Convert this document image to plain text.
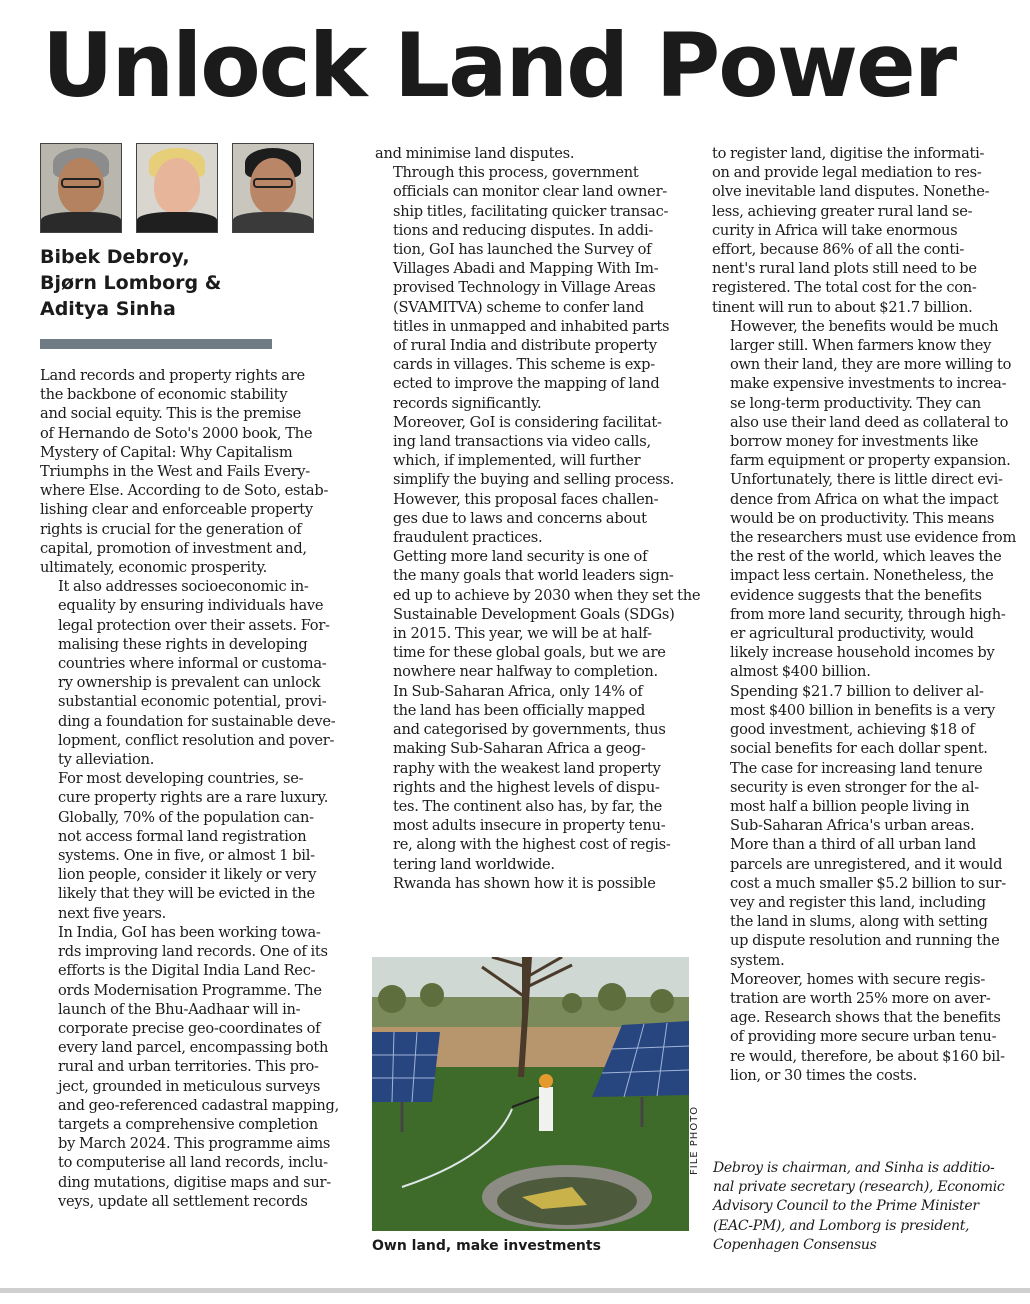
Unlock Land Power
Bibek Debroy,
Bjørn Lomborg &
Aditya Sinha

Land records and property rights are
the backbone of economic stability
and social equity. This is the premise
of Hernando de Soto's 2000 book, The
Mystery of Capital: Why Capitalism
Triumphs in the West and Fails Every-
where Else. According to de Soto, estab-
lishing clear and enforceable property
rights is crucial for the generation of
capital, promotion of investment and,
ultimately, economic prosperity.

It also addresses socioeconomic in-
equality by ensuring individuals have
legal protection over their assets. For-
malising these rights in developing
countries where informal or customa-
ry ownership is prevalent can unlock
substantial economic potential, provi-
ding a foundation for sustainable deve-
lopment, conflict resolution and pover-
ty alleviation.

For most developing countries, se-
cure property rights are a rare luxury.
Globally, 70% of the population can-
not access formal land registration
systems. One in five, or almost 1 bil-
lion people, consider it likely or very
likely that they will be evicted in the
next five years.

In India, GoI has been working towa-
rds improving land records. One of its
efforts is the Digital India Land Rec-
ords Modernisation Programme. The
launch of the Bhu-Aadhaar will in-
corporate precise geo-coordinates of
every land parcel, encompassing both
rural and urban territories. This pro-
ject, grounded in meticulous surveys
and geo-referenced cadastral mapping,
targets a comprehensive completion
by March 2024. This programme aims
to computerise all land records, inclu-
ding mutations, digitise maps and sur-
veys, update all settlement records

and minimise land disputes.

Through this process, government
officials can monitor clear land owner-
ship titles, facilitating quicker transac-
tions and reducing disputes. In addi-
tion, GoI has launched the Survey of
Villages Abadi and Mapping With Im-
provised Technology in Village Areas
(SVAMITVA) scheme to confer land
titles in unmapped and inhabited parts
of rural India and distribute property
cards in villages. This scheme is exp-
ected to improve the mapping of land
records significantly.

Moreover, GoI is considering facilitat-
ing land transactions via video calls,
which, if implemented, will further
simplify the buying and selling process.
However, this proposal faces challen-
ges due to laws and concerns about
fraudulent practices.

Getting more land security is one of
the many goals that world leaders sign-
ed up to achieve by 2030 when they set the
Sustainable Development Goals (SDGs)
in 2015. This year, we will be at half-
time for these global goals, but we are
nowhere near halfway to completion.

In Sub-Saharan Africa, only 14% of
the land has been officially mapped
and categorised by governments, thus
making Sub-Saharan Africa a geog-
raphy with the weakest land property
rights and the highest levels of dispu-
tes. The continent also has, by far, the
most adults insecure in property tenu-
re, along with the highest cost of regis-
tering land worldwide.

Rwanda has shown how it is possible

to register land, digitise the informati-
on and provide legal mediation to res-
olve inevitable land disputes. Nonethe-
less, achieving greater rural land se-
curity in Africa will take enormous
effort, because 86% of all the conti-
nent's rural land plots still need to be
registered. The total cost for the con-
tinent will run to about $21.7 billion.

However, the benefits would be much
larger still. When farmers know they
own their land, they are more willing to
make expensive investments to increa-
se long-term productivity. They can
also use their land deed as collateral to
borrow money for investments like
farm equipment or property expansion.

Unfortunately, there is little direct evi-
dence from Africa on what the impact
would be on productivity. This means
the researchers must use evidence from
the rest of the world, which leaves the
impact less certain. Nonetheless, the
evidence suggests that the benefits
from more land security, through high-
er agricultural productivity, would
likely increase household incomes by
almost $400 billion.

Spending $21.7 billion to deliver al-
most $400 billion in benefits is a very
good investment, achieving $18 of
social benefits for each dollar spent.

The case for increasing land tenure
security is even stronger for the al-
most half a billion people living in
Sub-Saharan Africa's urban areas.
More than a third of all urban land
parcels are unregistered, and it would
cost a much smaller $5.2 billion to sur-
vey and register this land, including
the land in slums, along with setting
up dispute resolution and running the
system.

Moreover, homes with secure regis-
tration are worth 25% more on aver-
age. Research shows that the benefits
of providing more secure urban tenu-
re would, therefore, be about $160 bil-
lion, or 30 times the costs.

FILE PHOTO
Own land, make investments
Debroy is chairman, and Sinha is additio-
nal private secretary (research), Economic
Advisory Council to the Prime Minister
(EAC-PM), and Lomborg is president,
Copenhagen Consensus
